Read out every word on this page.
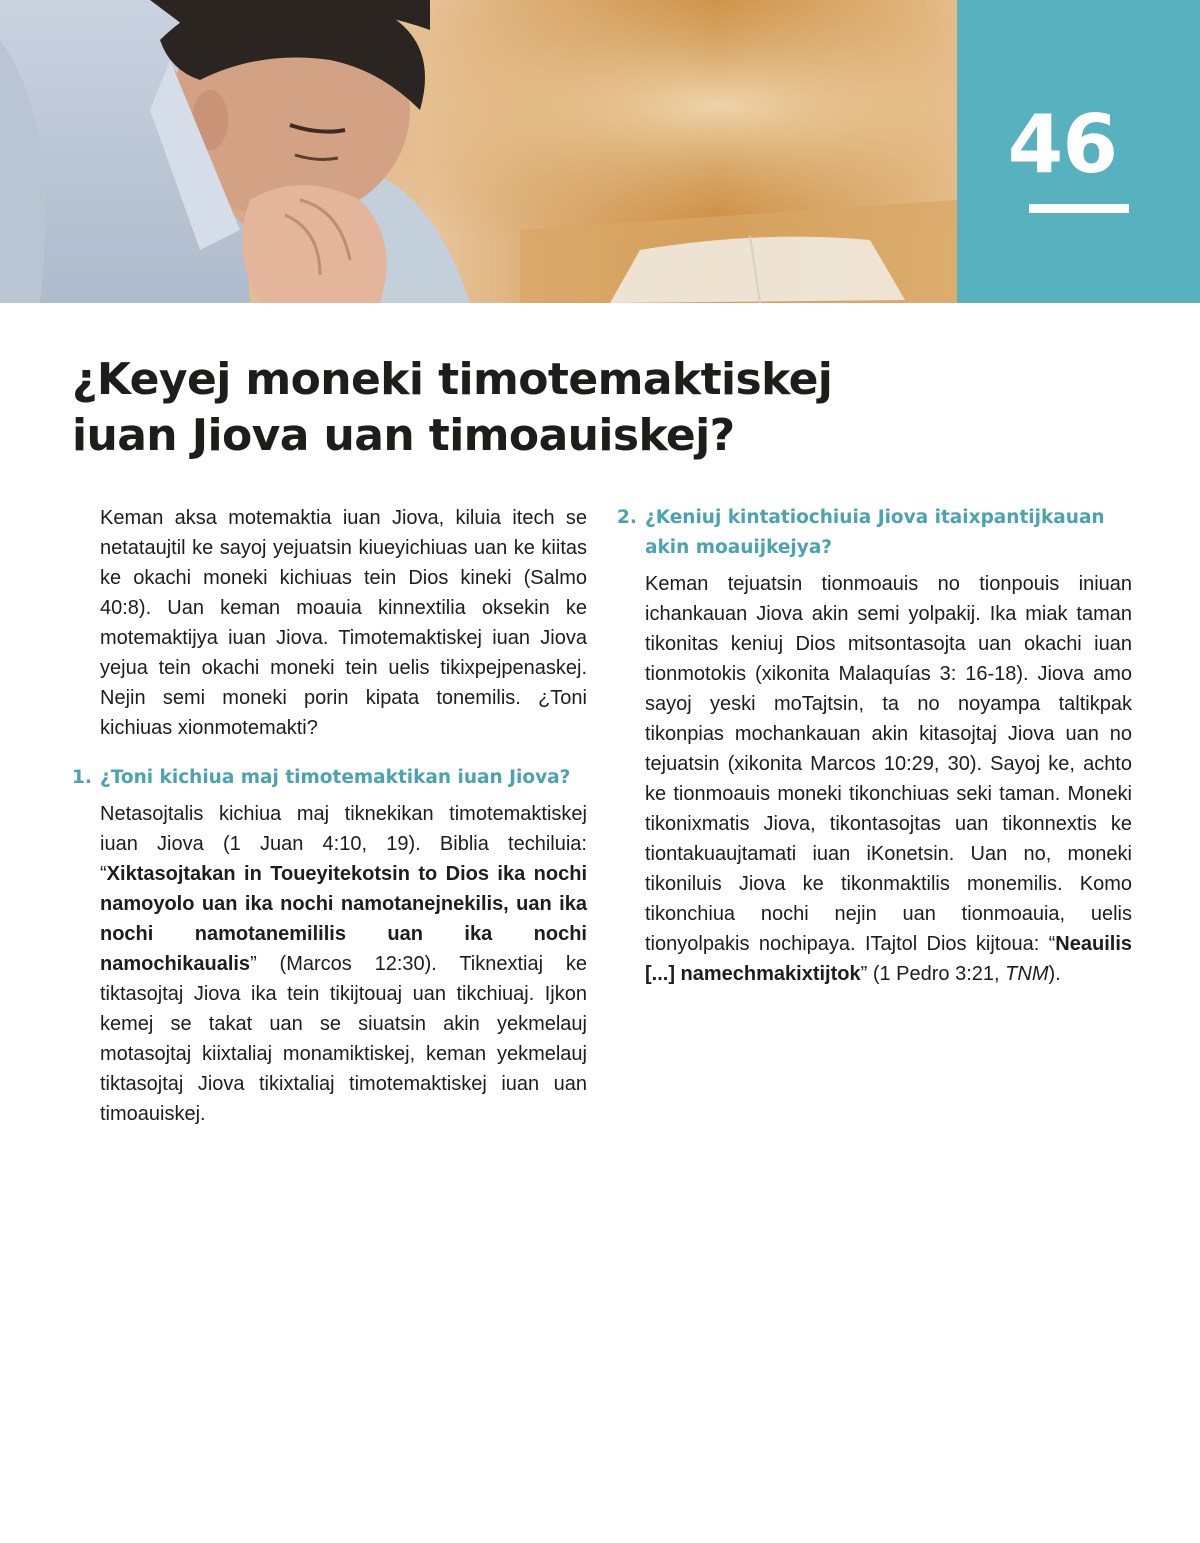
46
¿Keyej moneki timotemaktiskej
iuan Jiova uan timoauiskej?

Keman aksa motemaktia iuan Jiova, kiluia itech se netataujtil ke sayoj yejuatsin kiueyichiuas uan ke kiitas ke okachi moneki kichiuas tein Dios kineki (Salmo 40:8). Uan keman moauia kinnextilia oksekin ke motemaktijya iuan Jiova. Timotemaktiskej iuan Jiova yejua tein okachi moneki tein uelis tikixpejpenaskej. Nejin semi moneki porin kipata tonemilis. ¿Toni kichiuas xionmotemakti?

1. ¿Toni kichiua maj timotemaktikan iuan Jiova?

Netasojtalis kichiua maj tiknekikan timotemaktiskej iuan Jiova (1 Juan 4:10, 19). Biblia techiluia: “Xiktasojtakan in Toueyitekotsin to Dios ika nochi namoyolo uan ika nochi namotanejnekilis, uan ika nochi namotanemililis uan ika nochi namochikaualis” (Marcos 12:30). Tiknextiaj ke tiktasojtaj Jiova ika tein tikijtouaj uan tikchiuaj. Ijkon kemej se takat uan se siuatsin akin yekmelauj motasojtaj kiixtaliaj monamiktiskej, keman yekmelauj tiktasojtaj Jiova tikixtaliaj timotemaktiskej iuan uan timoauiskej.

2. ¿Keniuj kintatiochiuia Jiova itaixpantijkauan akin moauijkejya?

Keman tejuatsin tionmoauis no tionpouis iniuan ichankauan Jiova akin semi yolpakij. Ika miak taman tikonitas keniuj Dios mitsontasojta uan okachi iuan tionmotokis (xikonita Malaquías 3: 16-18). Jiova amo sayoj yeski moTajtsin, ta no noyampa taltikpak tikonpias mochankauan akin kitasojtaj Jiova uan no tejuatsin (xikonita Marcos 10:29, 30). Sayoj ke, achto ke tionmoauis moneki tikonchiuas seki taman. Moneki tikonixmatis Jiova, tikontasojtas uan tikonnextis ke tiontakuaujtamati iuan iKonetsin. Uan no, moneki tikoniluis Jiova ke tikonmaktilis monemilis. Komo tikonchiua nochi nejin uan tionmoauia, uelis tionyolpakis nochipaya. ITajtol Dios kijtoua: “Neauilis [...] namechmakixtijtok” (1 Pedro 3:21, TNM).
